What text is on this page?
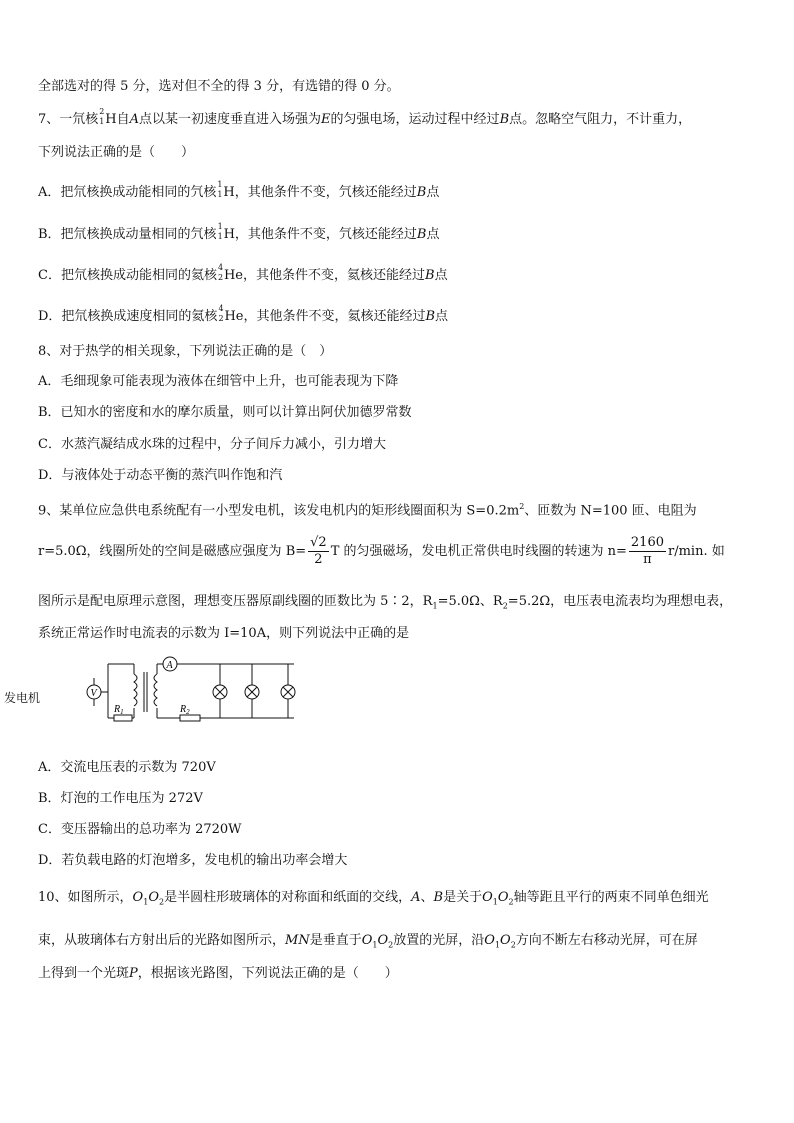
全部选对的得 5 分，选对但不全的得 3 分，有选错的得 0 分。
7、一氘核
2
1 H自A点以某一初速度垂直进入场强为E的匀强电场，运动过程中经过B点。忽略空气阻力，不计重力，
下列说法正确的是（　　）
A．把氘核换成动能相同的氕核
1
1 H，其他条件不变，氕核还能经过B点
B．把氘核换成动量相同的氕核
1
1 H，其他条件不变，氕核还能经过B点
C．把氘核换成动能相同的氦核
4
2 He，其他条件不变，氦核还能经过B点
D．把氘核换成速度相同的氦核
4
2 He，其他条件不变，氦核还能经过B点
8、对于热学的相关现象，下列说法正确的是（　）
A．毛细现象可能表现为液体在细管中上升，也可能表现为下降
B．已知水的密度和水的摩尔质量，则可以计算出阿伏加德罗常数
C．水蒸汽凝结成水珠的过程中，分子间斥力减小，引力增大
D．与液体处于动态平衡的蒸汽叫作饱和汽
9、某单位应急供电系统配有一小型发电机，该发电机内的矩形线圈面积为 $S=0.2m^2$、匝数为 N=100 匝、电阻为
r=5.0Ω，线圈所处的空间是磁感应强度为 $B= \frac{√2}{2}$ T 的匀强磁场，发电机正常供电时线圈的转速为 $n= \frac{2160}{\pi} r/\min$. 如
图所示是配电原理示意图，理想变压器原副线圈的匝数比为 5∶2，$R_1=5.0\Omega$、$R_2=5.2\Omega$，电压表电流表均为理想电表，
系统正常运作时电流表的示数为 I=10A，则下列说法中正确的是
V
$R_1$
A
$R_2$
发电机
A．交流电压表的示数为 720V
B．灯泡的工作电压为 272V
C．变压器输出的总功率为 2720W
D．若负载电路的灯泡增多，发电机的输出功率会增大
10、如图所示，$O_1O_2$是半圆柱形玻璃体的对称面和纸面的交线，A、B是关于$O_1O_2$轴等距且平行的两束不同单色细光
束，从玻璃体右方射出后的光路如图所示，MN是垂直于$O_1O_2$放置的光屏，沿$O_1O_2$方向不断左右移动光屏，可在屏
上得到一个光斑P，根据该光路图，下列说法正确的是（　　）
